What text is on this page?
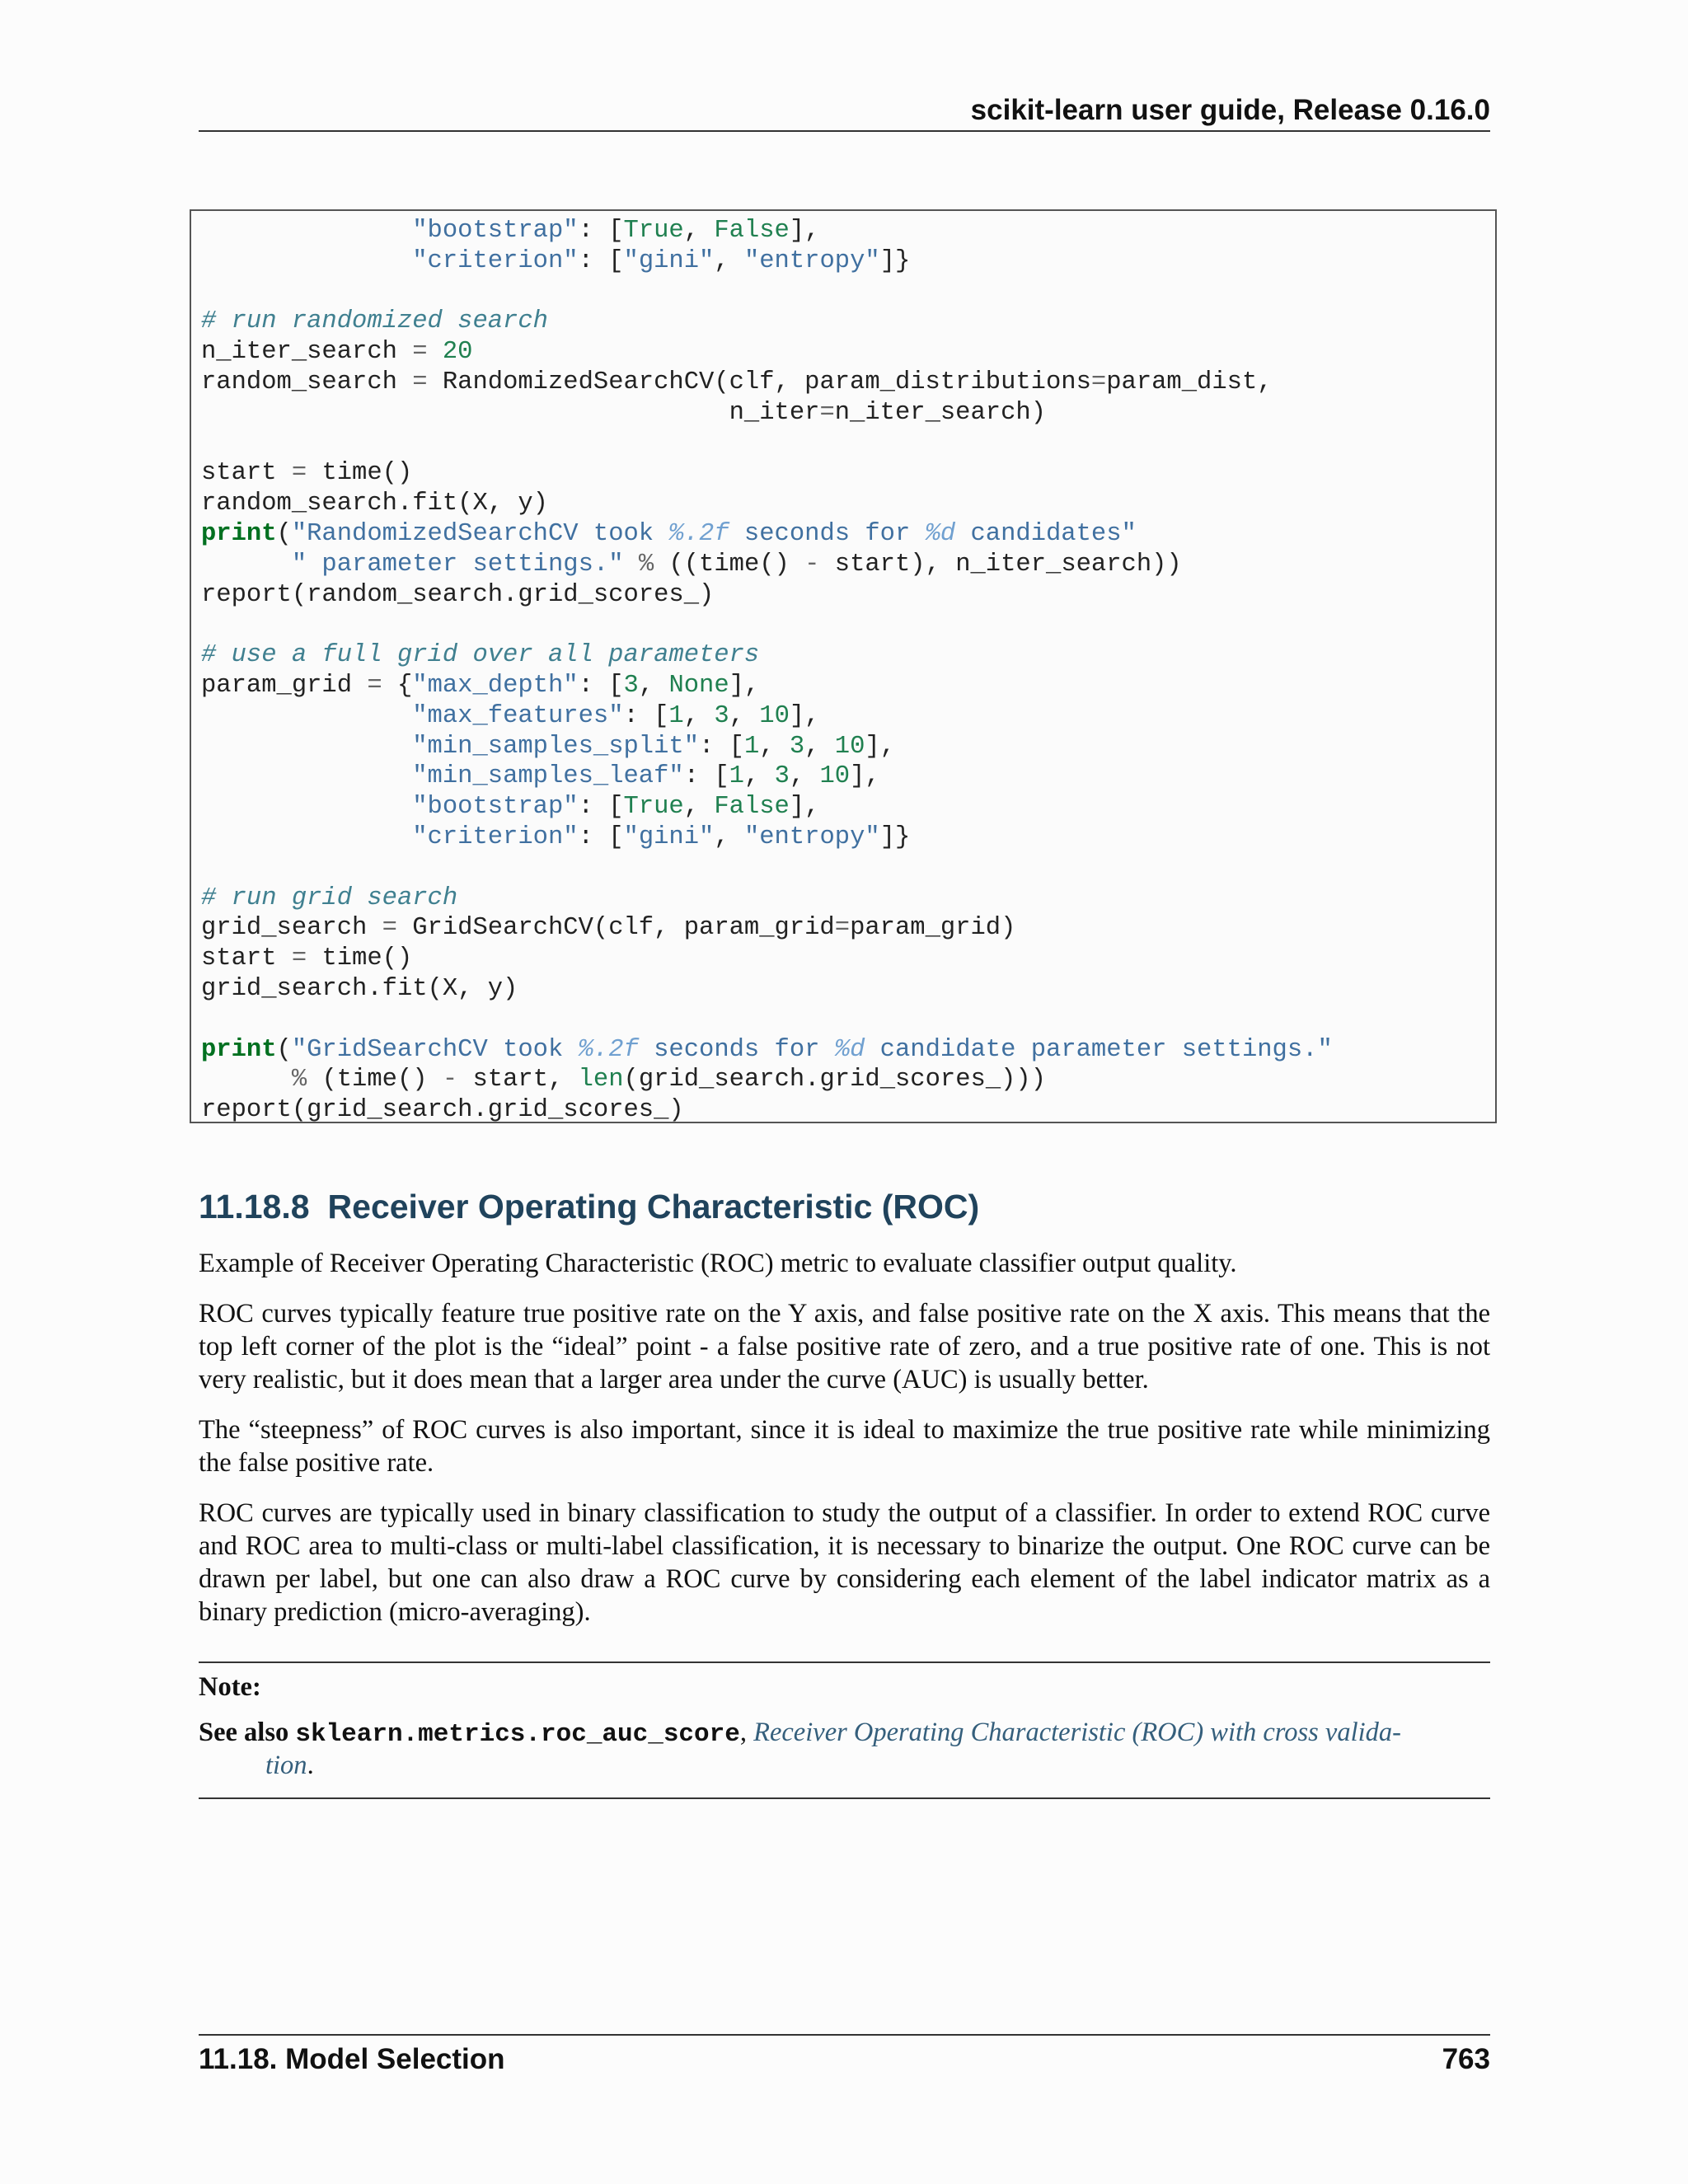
scikit-learn user guide, Release 0.16.0
"bootstrap": [True, False],
"criterion": ["gini", "entropy"]}

# run randomized search
n_iter_search = 20
random_search = RandomizedSearchCV(clf, param_distributions=param_dist,
n_iter=n_iter_search)

start = time()
random_search.fit(X, y)
print("RandomizedSearchCV took %.2f seconds for %d candidates"
" parameter settings." % ((time() - start), n_iter_search))
report(random_search.grid_scores_)

# use a full grid over all parameters
param_grid = {"max_depth": [3, None],
"max_features": [1, 3, 10],
"min_samples_split": [1, 3, 10],
"min_samples_leaf": [1, 3, 10],
"bootstrap": [True, False],
"criterion": ["gini", "entropy"]}

# run grid search
grid_search = GridSearchCV(clf, param_grid=param_grid)
start = time()
grid_search.fit(X, y)

print("GridSearchCV took %.2f seconds for %d candidate parameter settings."
% (time() - start, len(grid_search.grid_scores_)))
report(grid_search.grid_scores_)
11.18.8 Receiver Operating Characteristic (ROC)

Example of Receiver Operating Characteristic (ROC) metric to evaluate classifier output quality.

ROC curves typically feature true positive rate on the Y axis, and false positive rate on the X axis. This means that the top left corner of the plot is the “ideal” point - a false positive rate of zero, and a true positive rate of one. This is not very realistic, but it does mean that a larger area under the curve (AUC) is usually better.

The “steepness” of ROC curves is also important, since it is ideal to maximize the true positive rate while minimizing the false positive rate.

ROC curves are typically used in binary classification to study the output of a classifier. In order to extend ROC curve and ROC area to multi-class or multi-label classification, it is necessary to binarize the output. One ROC curve can be drawn per label, but one can also draw a ROC curve by considering each element of the label indicator matrix as a binary prediction (micro-averaging).

Note:

See also sklearn.metrics.roc_auc_score, Receiver Operating Characteristic (ROC) with cross valida-
tion.
11.18. Model Selection	763
